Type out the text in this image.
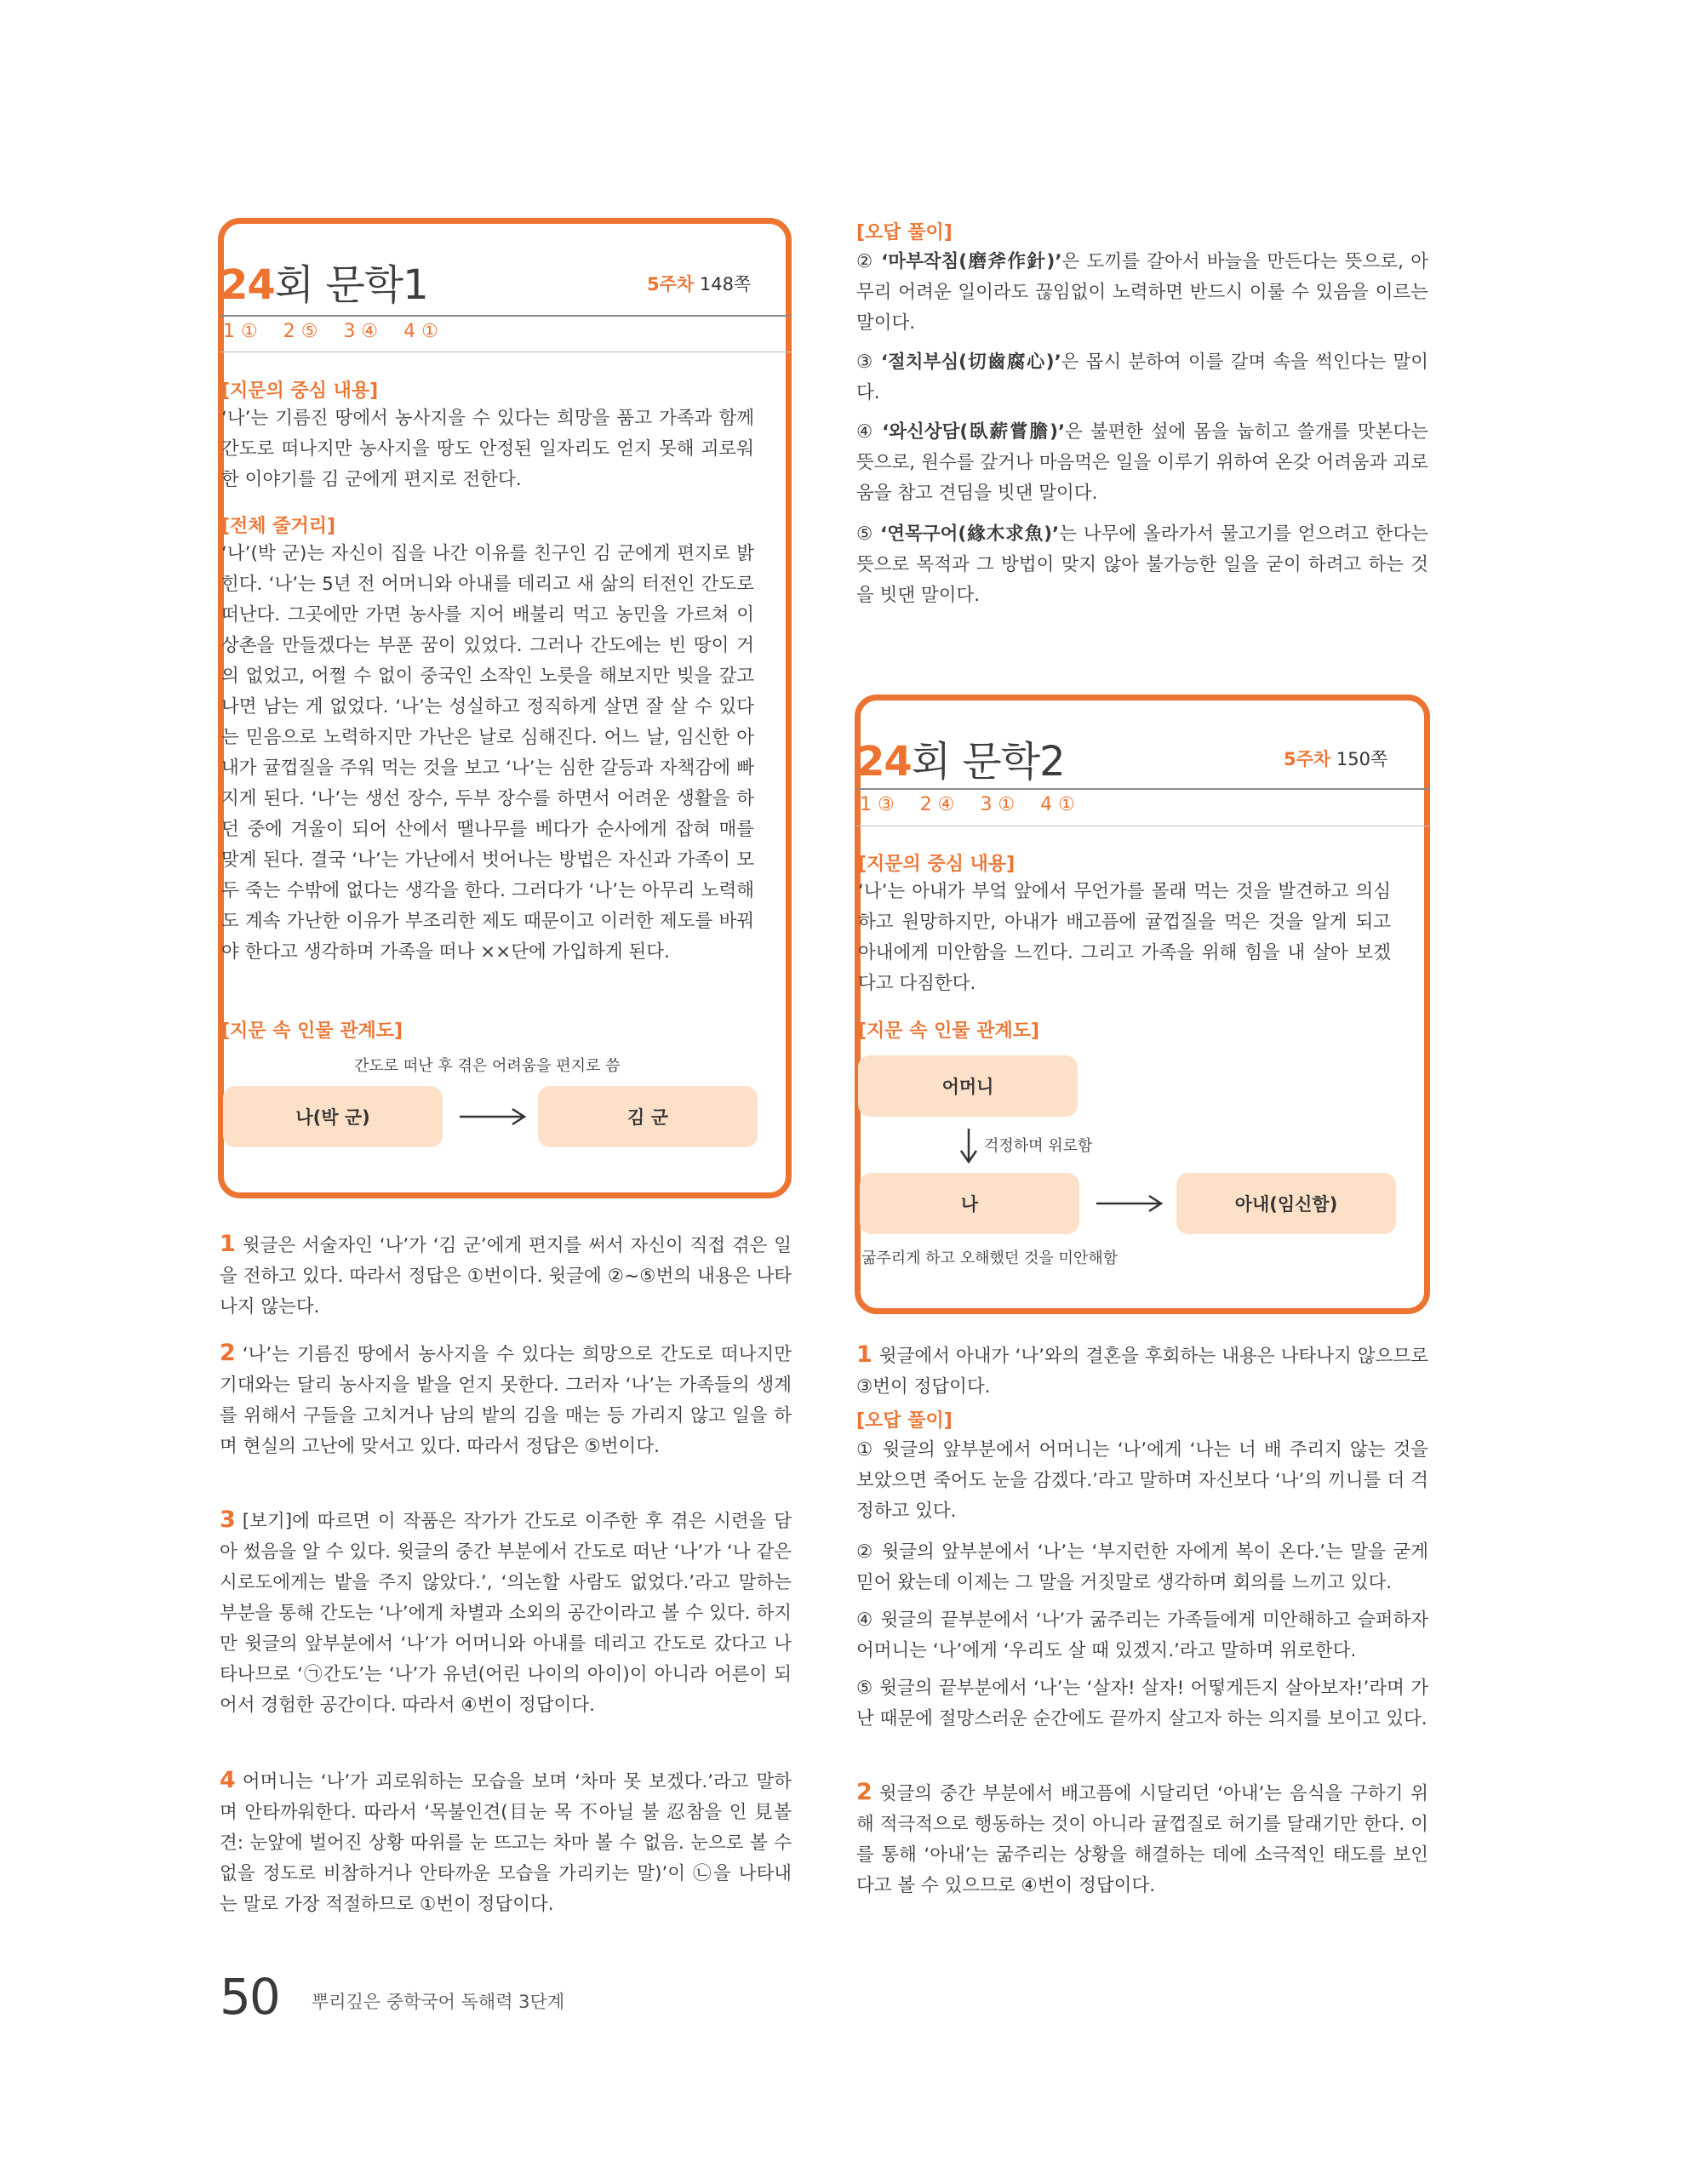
24회 문학1	5주차 148쪽
1 ① 2 ⑤ 3 ④ 4 ①
[지문의 중심 내용]
‘나’는 기름진 땅에서 농사지을 수 있다는 희망을 품고 가족과 함께 간도로 떠나지만 농사지을 땅도 안정된 일자리도 얻지 못해 괴로워한 이야기를 김 군에게 편지로 전한다.
[전체 줄거리]
‘나’(박 군)는 자신이 집을 나간 이유를 친구인 김 군에게 편지로 밝힌다. ‘나’는 5년 전 어머니와 아내를 데리고 새 삶의 터전인 간도로 떠난다. 그곳에만 가면 농사를 지어 배불리 먹고 농민을 가르쳐 이상촌을 만들겠다는 부푼 꿈이 있었다. 그러나 간도에는 빈 땅이 거의 없었고, 어쩔 수 없이 중국인 소작인 노릇을 해보지만 빚을 갚고 나면 남는 게 없었다. ‘나’는 성실하고 정직하게 살면 잘 살 수 있다는 믿음으로 노력하지만 가난은 날로 심해진다. 어느 날, 임신한 아내가 귤껍질을 주워 먹는 것을 보고 ‘나’는 심한 갈등과 자책감에 빠지게 된다. ‘나’는 생선 장수, 두부 장수를 하면서 어려운 생활을 하던 중에 겨울이 되어 산에서 땔나무를 베다가 순사에게 잡혀 매를 맞게 된다. 결국 ‘나’는 가난에서 벗어나는 방법은 자신과 가족이 모두 죽는 수밖에 없다는 생각을 한다. 그러다가 ‘나’는 아무리 노력해도 계속 가난한 이유가 부조리한 제도 때문이고 이러한 제도를 바꿔야 한다고 생각하며 가족을 떠나 ××단에 가입하게 된다.
[지문 속 인물 관계도]
간도로 떠난 후 겪은 어려움을 편지로 씀
나(박 군)	김 군
1 윗글은 서술자인 ‘나’가 ‘김 군’에게 편지를 써서 자신이 직접 겪은 일을 전하고 있다. 따라서 정답은 ①번이다. 윗글에 ②~⑤번의 내용은 나타나지 않는다.
2 ‘나’는 기름진 땅에서 농사지을 수 있다는 희망으로 간도로 떠나지만 기대와는 달리 농사지을 밭을 얻지 못한다. 그러자 ‘나’는 가족들의 생계를 위해서 구들을 고치거나 남의 밭의 김을 매는 등 가리지 않고 일을 하며 현실의 고난에 맞서고 있다. 따라서 정답은 ⑤번이다.
3 [보기]에 따르면 이 작품은 작가가 간도로 이주한 후 겪은 시련을 담아 썼음을 알 수 있다. 윗글의 중간 부분에서 간도로 떠난 ‘나’가 ‘나 같은 시로도에게는 밭을 주지 않았다.’, ‘의논할 사람도 없었다.’라고 말하는 부분을 통해 간도는 ‘나’에게 차별과 소외의 공간이라고 볼 수 있다. 하지만 윗글의 앞부분에서 ‘나’가 어머니와 아내를 데리고 간도로 갔다고 나타나므로 ‘㉠간도’는 ‘나’가 유년(어린 나이의 아이)이 아니라 어른이 되어서 경험한 공간이다. 따라서 ④번이 정답이다.
4 어머니는 ‘나’가 괴로워하는 모습을 보며 ‘차마 못 보겠다.’라고 말하며 안타까워한다. 따라서 ‘목불인견(目눈 목 不아닐 불 忍참을 인 見볼 견: 눈앞에 벌어진 상황 따위를 눈 뜨고는 차마 볼 수 없음. 눈으로 볼 수 없을 정도로 비참하거나 안타까운 모습을 가리키는 말)’이 ㉡을 나타내는 말로 가장 적절하므로 ①번이 정답이다.
[오답 풀이]
② ‘마부작침(磨斧作針)’은 도끼를 갈아서 바늘을 만든다는 뜻으로, 아무리 어려운 일이라도 끊임없이 노력하면 반드시 이룰 수 있음을 이르는 말이다.
③ ‘절치부심(切齒腐心)’은 몹시 분하여 이를 갈며 속을 썩인다는 말이다.
④ ‘와신상담(臥薪嘗膽)’은 불편한 섶에 몸을 눕히고 쓸개를 맛본다는 뜻으로, 원수를 갚거나 마음먹은 일을 이루기 위하여 온갖 어려움과 괴로움을 참고 견딤을 빗댄 말이다.
⑤ ‘연목구어(緣木求魚)’는 나무에 올라가서 물고기를 얻으려고 한다는 뜻으로 목적과 그 방법이 맞지 않아 불가능한 일을 굳이 하려고 하는 것을 빗댄 말이다.
24회 문학2	5주차 150쪽
1 ③ 2 ④ 3 ① 4 ①
[지문의 중심 내용]
‘나’는 아내가 부엌 앞에서 무언가를 몰래 먹는 것을 발견하고 의심하고 원망하지만, 아내가 배고픔에 귤껍질을 먹은 것을 알게 되고 아내에게 미안함을 느낀다. 그리고 가족을 위해 힘을 내 살아 보겠다고 다짐한다.
[지문 속 인물 관계도]
어머니
걱정하며 위로함
나	아내(임신함)
굶주리게 하고 오해했던 것을 미안해함
1 윗글에서 아내가 ‘나’와의 결혼을 후회하는 내용은 나타나지 않으므로 ③번이 정답이다.
[오답 풀이]
① 윗글의 앞부분에서 어머니는 ‘나’에게 ‘나는 너 배 주리지 않는 것을 보았으면 죽어도 눈을 감겠다.’라고 말하며 자신보다 ‘나’의 끼니를 더 걱정하고 있다.
② 윗글의 앞부분에서 ‘나’는 ‘부지런한 자에게 복이 온다.’는 말을 굳게 믿어 왔는데 이제는 그 말을 거짓말로 생각하며 회의를 느끼고 있다.
④ 윗글의 끝부분에서 ‘나’가 굶주리는 가족들에게 미안해하고 슬퍼하자 어머니는 ‘나’에게 ‘우리도 살 때 있겠지.’라고 말하며 위로한다.
⑤ 윗글의 끝부분에서 ‘나’는 ‘살자! 살자! 어떻게든지 살아보자!’라며 가난 때문에 절망스러운 순간에도 끝까지 살고자 하는 의지를 보이고 있다.
2 윗글의 중간 부분에서 배고픔에 시달리던 ‘아내’는 음식을 구하기 위해 적극적으로 행동하는 것이 아니라 귤껍질로 허기를 달래기만 한다. 이를 통해 ‘아내’는 굶주리는 상황을 해결하는 데에 소극적인 태도를 보인다고 볼 수 있으므로 ④번이 정답이다.
50 뿌리깊은 중학국어 독해력 3단계
